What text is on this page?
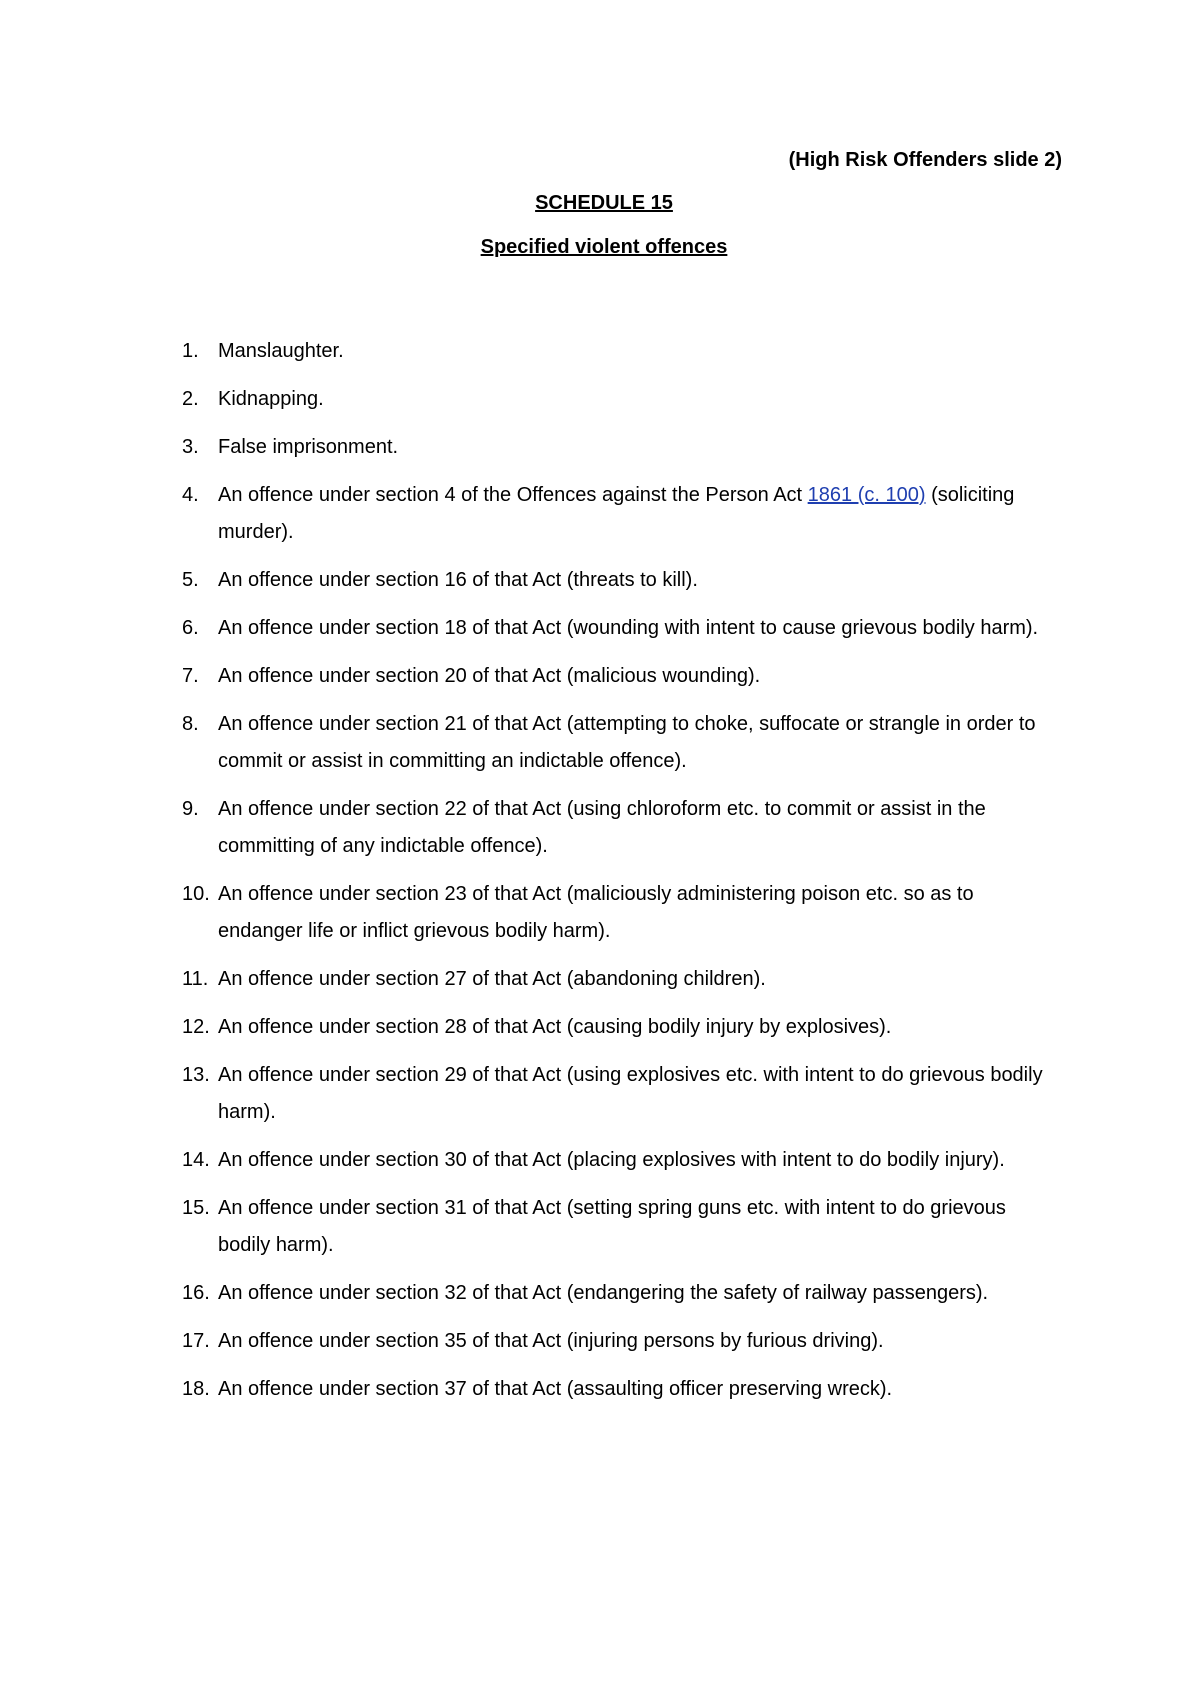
(High Risk Offenders slide 2)

SCHEDULE 15

Specified violent offences

1. Manslaughter.
2. Kidnapping.
3. False imprisonment.
4. An offence under section 4 of the Offences against the Person Act 1861 (c. 100) (soliciting murder).
5. An offence under section 16 of that Act (threats to kill).
6. An offence under section 18 of that Act (wounding with intent to cause grievous bodily harm).
7. An offence under section 20 of that Act (malicious wounding).
8. An offence under section 21 of that Act (attempting to choke, suffocate or strangle in order to commit or assist in committing an indictable offence).
9. An offence under section 22 of that Act (using chloroform etc. to commit or assist in the committing of any indictable offence).
10. An offence under section 23 of that Act (maliciously administering poison etc. so as to endanger life or inflict grievous bodily harm).
11. An offence under section 27 of that Act (abandoning children).
12. An offence under section 28 of that Act (causing bodily injury by explosives).
13. An offence under section 29 of that Act (using explosives etc. with intent to do grievous bodily harm).
14. An offence under section 30 of that Act (placing explosives with intent to do bodily injury).
15. An offence under section 31 of that Act (setting spring guns etc. with intent to do grievous bodily harm).
16. An offence under section 32 of that Act (endangering the safety of railway passengers).
17. An offence under section 35 of that Act (injuring persons by furious driving).
18. An offence under section 37 of that Act (assaulting officer preserving wreck).
